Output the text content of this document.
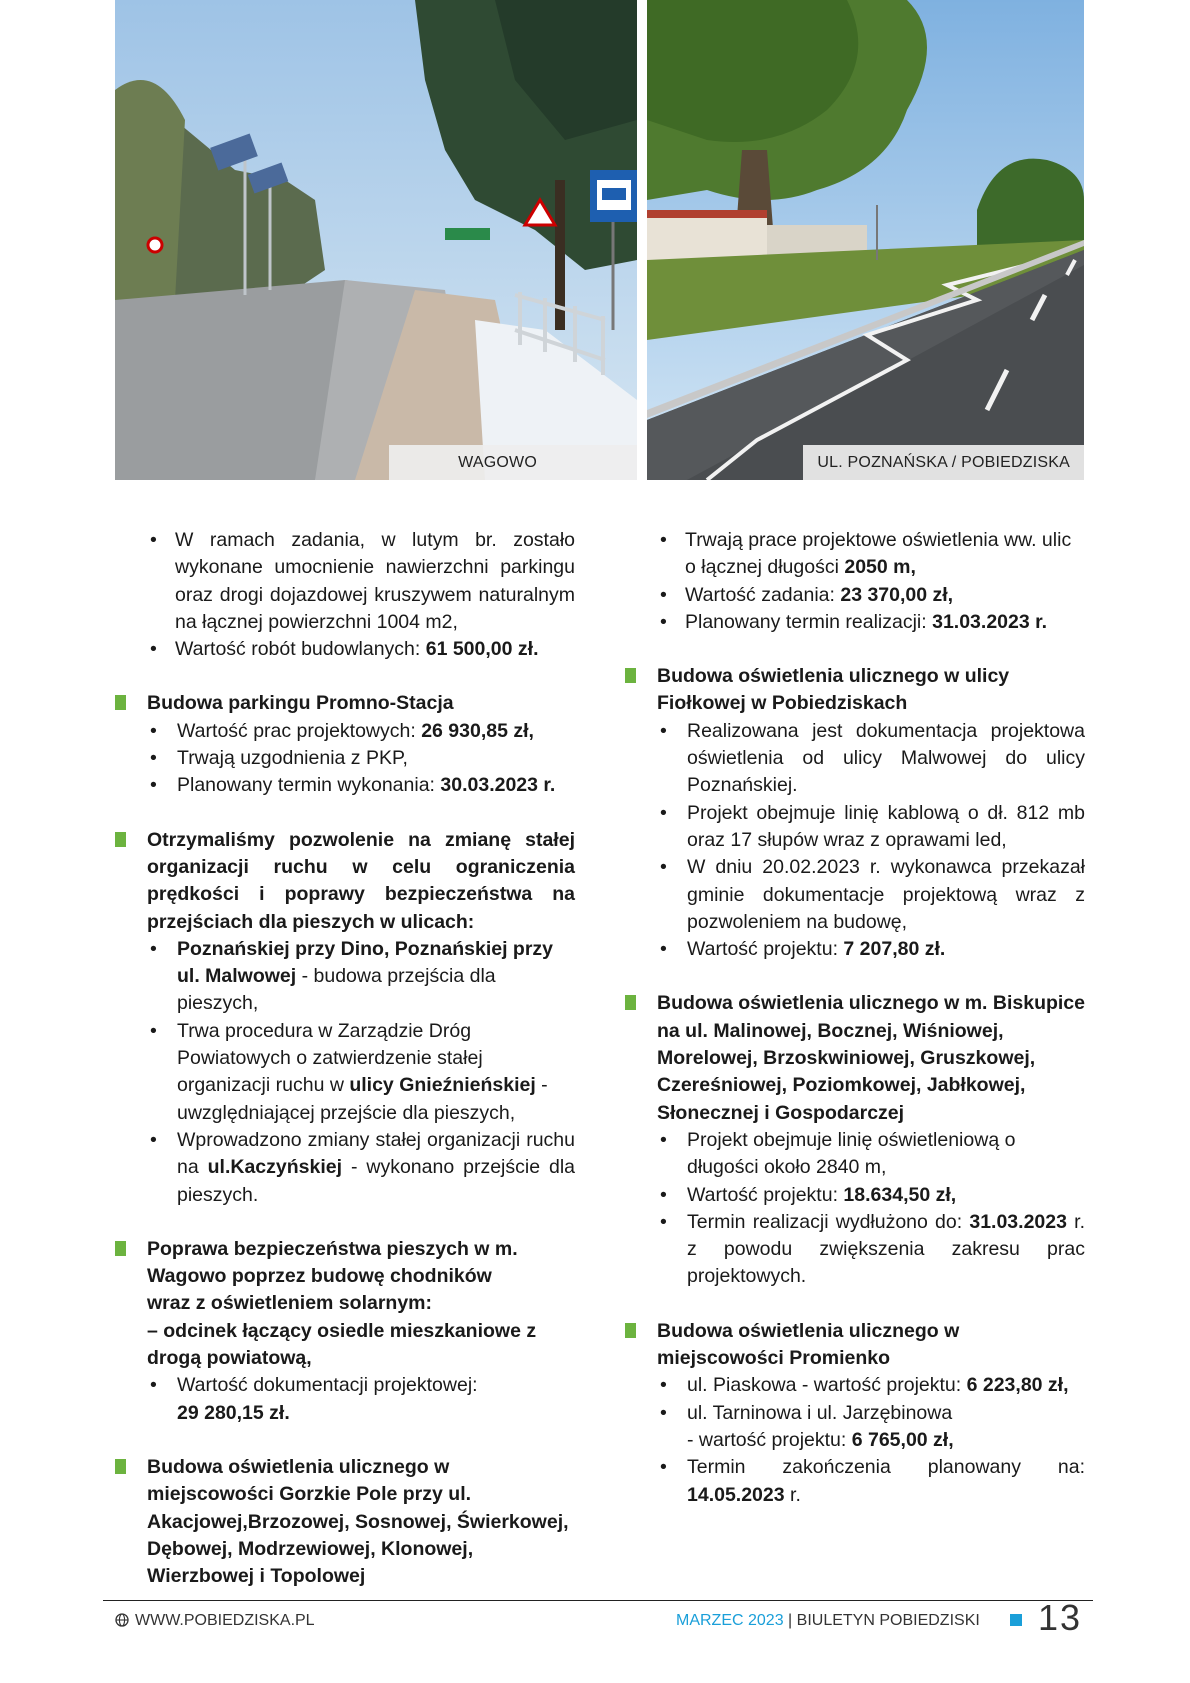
WAGOWO	UL. POZNAŃSKA / POBIEDZISKA
• W ramach zadania, w lutym br. zostało wykonane umocnienie nawierzchni parkingu oraz drogi dojazdowej kruszywem naturalnym na łącznej powierzchni 1004 m2,
• Wartość robót budowlanych: 61 500,00 zł.
Budowa parkingu Promno-Stacja
• Wartość prac projektowych: 26 930,85 zł,
• Trwają uzgodnienia z PKP,
• Planowany termin wykonania: 30.03.2023 r.
Otrzymaliśmy pozwolenie na zmianę stałej organizacji ruchu w celu ograniczenia prędkości i poprawy bezpieczeństwa na przejściach dla pieszych w ulicach:
• Poznańskiej przy Dino, Poznańskiej przy ul. Malwowej - budowa przejścia dla pieszych,
• Trwa procedura w Zarządzie Dróg Powiatowych o zatwierdzenie stałej organizacji ruchu w ulicy Gnieźnieńskiej - uwzględniającej przejście dla pieszych,
• Wprowadzono zmiany stałej organizacji ruchu na ul.Kaczyńskiej - wykonano przejście dla pieszych.
Poprawa bezpieczeństwa pieszych w m. Wagowo poprzez budowę chodników wraz z oświetleniem solarnym:
– odcinek łączący osiedle mieszkaniowe z drogą powiatową,
• Wartość dokumentacji projektowej:
29 280,15 zł.
Budowa oświetlenia ulicznego w miejscowości Gorzkie Pole przy ul. Akacjowej,Brzozowej, Sosnowej, Świerkowej, Dębowej, Modrzewiowej, Klonowej, Wierzbowej i Topolowej
• Trwają prace projektowe oświetlenia ww. ulic o łącznej długości 2050 m,
• Wartość zadania: 23 370,00 zł,
• Planowany termin realizacji: 31.03.2023 r.
Budowa oświetlenia ulicznego w ulicy Fiołkowej w Pobiedziskach
• Realizowana jest dokumentacja projektowa oświetlenia od ulicy Malwowej do ulicy Poznańskiej.
• Projekt obejmuje linię kablową o dł. 812 mb oraz 17 słupów wraz z oprawami led,
• W dniu 20.02.2023 r. wykonawca przekazał gminie dokumentacje projektową wraz z pozwoleniem na budowę,
• Wartość projektu: 7 207,80 zł.
Budowa oświetlenia ulicznego w m. Biskupice na ul. Malinowej, Bocznej, Wiśniowej, Morelowej, Brzoskwiniowej, Gruszkowej, Czereśniowej, Poziomkowej, Jabłkowej, Słonecznej i Gospodarczej
• Projekt obejmuje linię oświetleniową o długości około 2840 m,
• Wartość projektu: 18.634,50 zł,
• Termin realizacji wydłużono do: 31.03.2023 r. z powodu zwiększenia zakresu prac projektowych.
Budowa oświetlenia ulicznego w miejscowości Promienko
• ul. Piaskowa - wartość projektu: 6 223,80 zł,
• ul. Tarninowa i ul. Jarzębinowa
- wartość projektu: 6 765,00 zł,
• Termin zakończenia planowany na: 14.05.2023 r.
WWW.POBIEDZISKA.PL	MARZEC 2023 | BIULETYN POBIEDZISKI 13
